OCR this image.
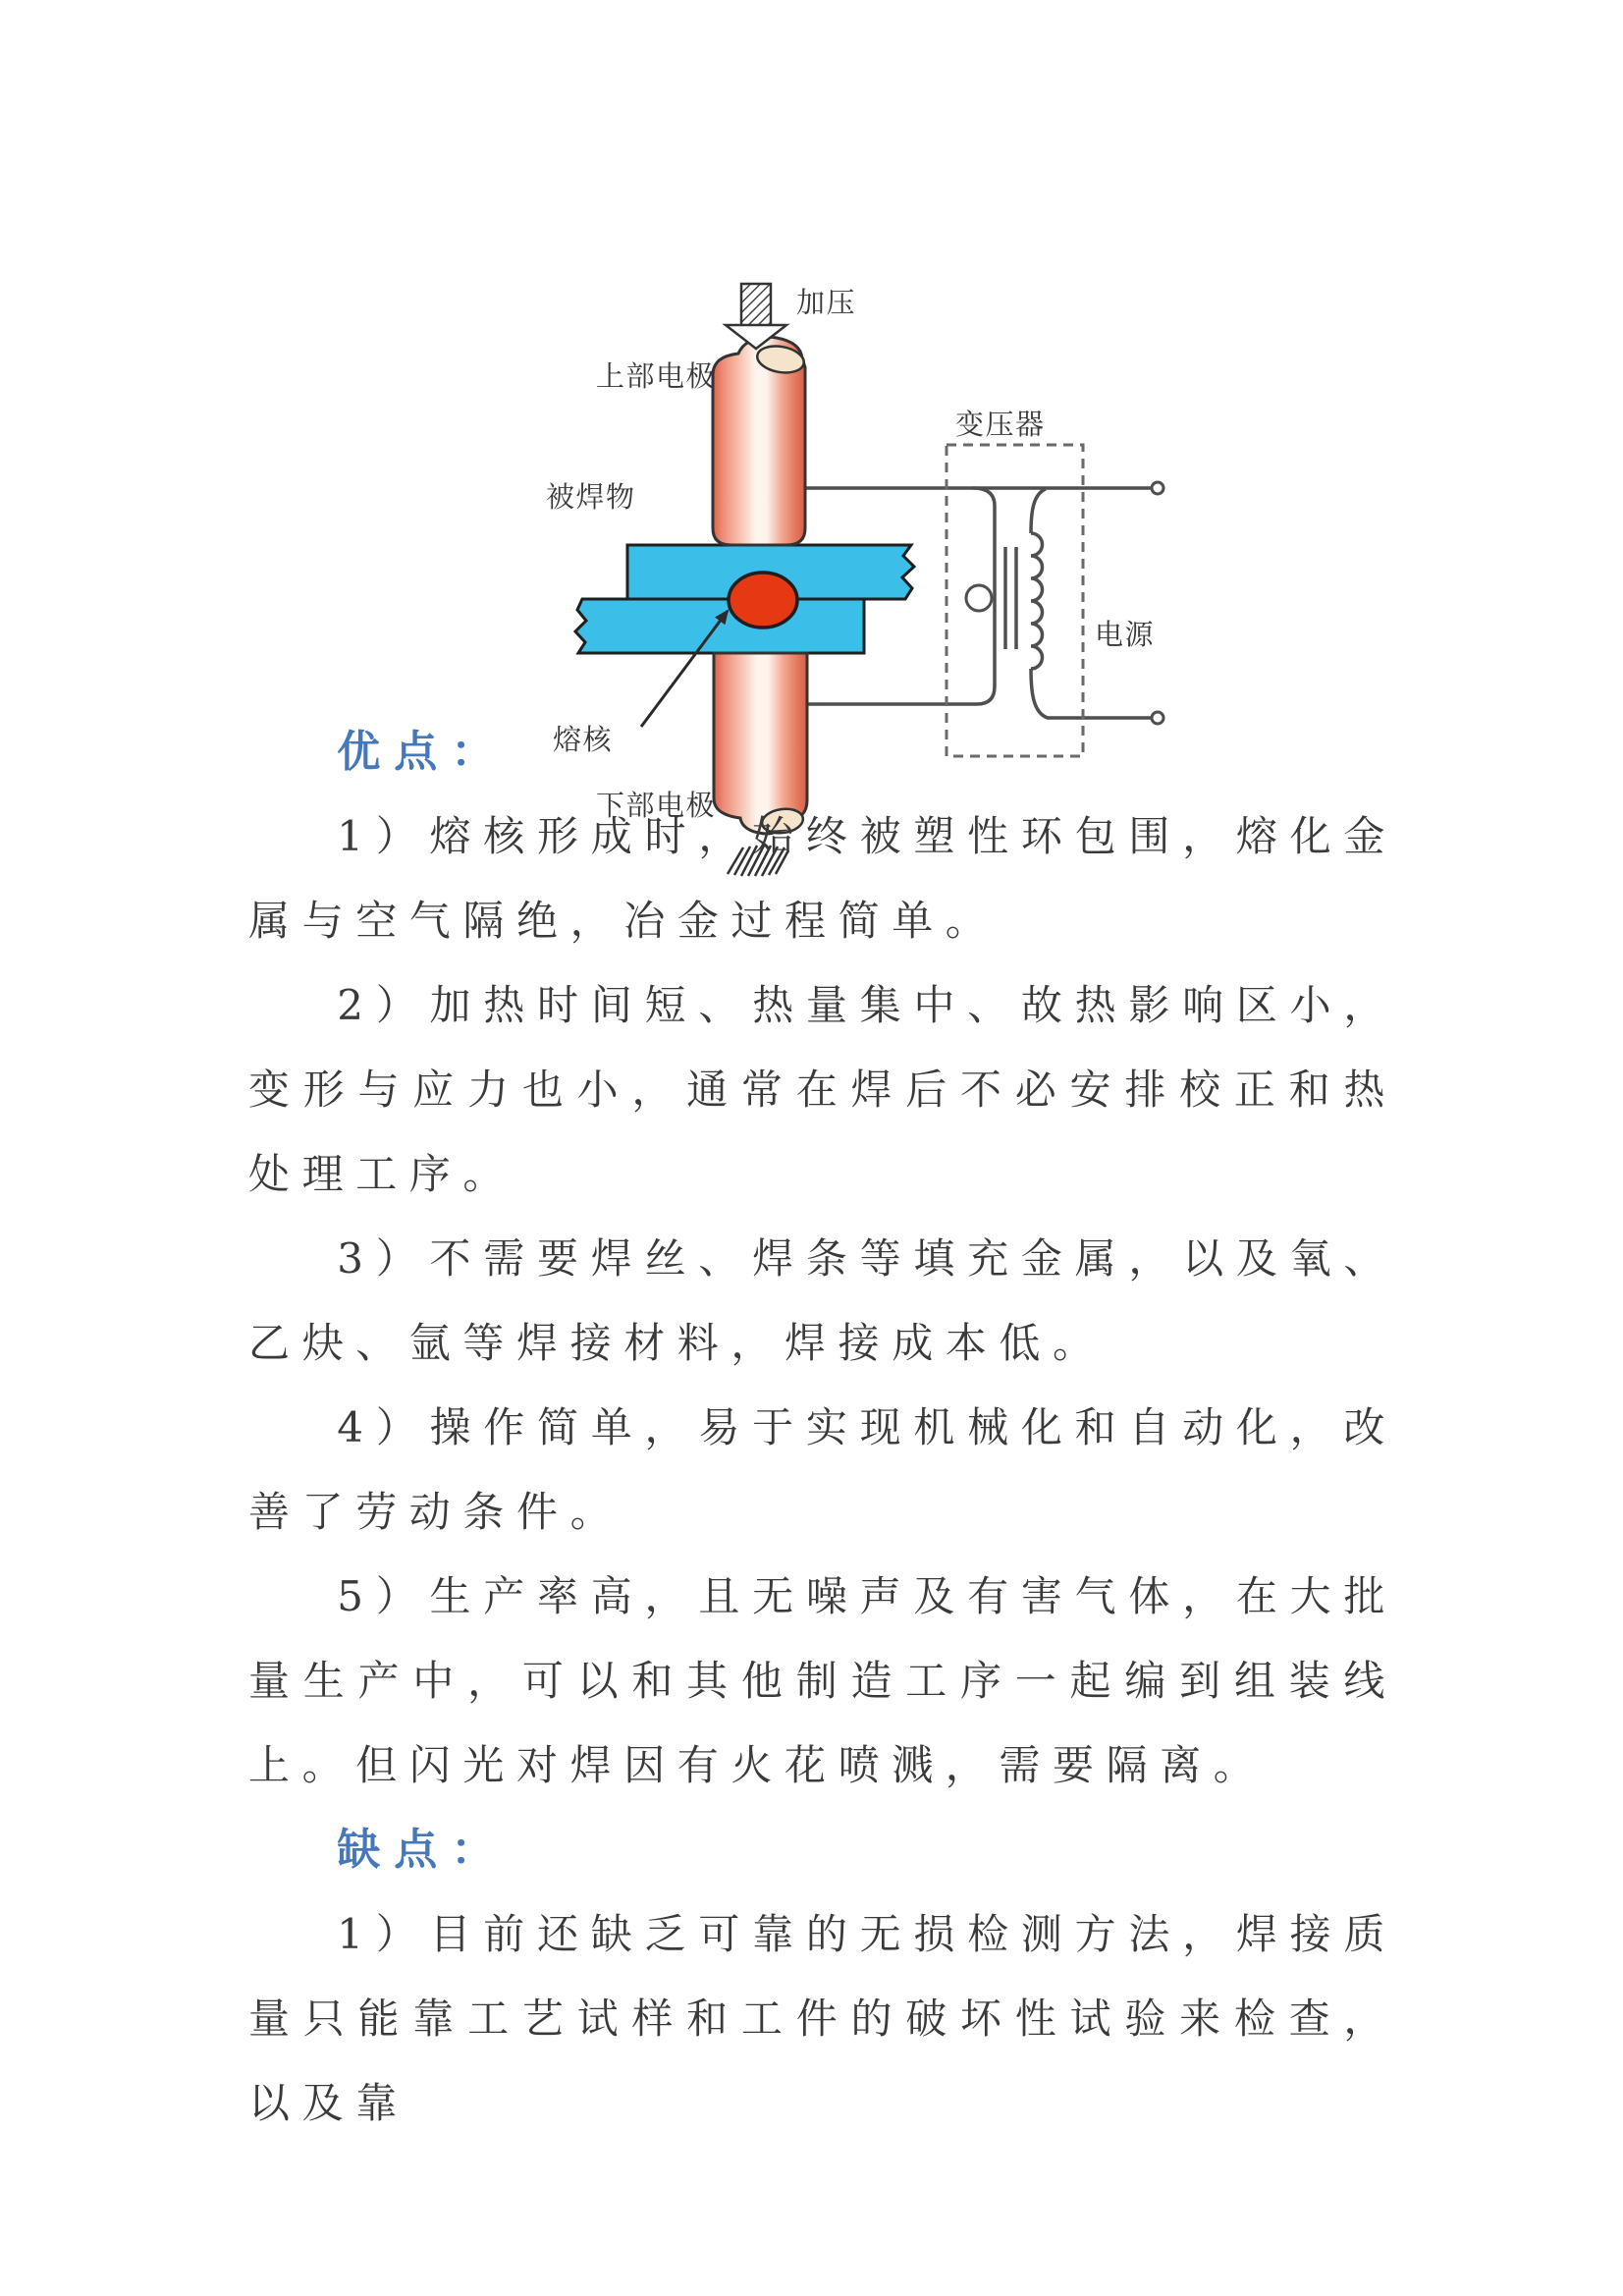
变压器
电源
加压
上部电极
被焊物
熔核
下部电极

优点：

1）熔核形成时，始终被塑性环包围，熔化金属与空气隔绝，冶金过程简单。

2）加热时间短、热量集中、故热影响区小，变形与应力也小，通常在焊后不必安排校正和热处理工序。

3）不需要焊丝、焊条等填充金属，以及氧、乙炔、氩等焊接材料，焊接成本低。

4）操作简单，易于实现机械化和自动化，改善了劳动条件。

5）生产率高，且无噪声及有害气体，在大批量生产中，可以和其他制造工序一起编到组装线上。但闪光对焊因有火花喷溅，需要隔离。

缺点：

1）目前还缺乏可靠的无损检测方法，焊接质量只能靠工艺试样和工件的破坏性试验来检查，以及靠
